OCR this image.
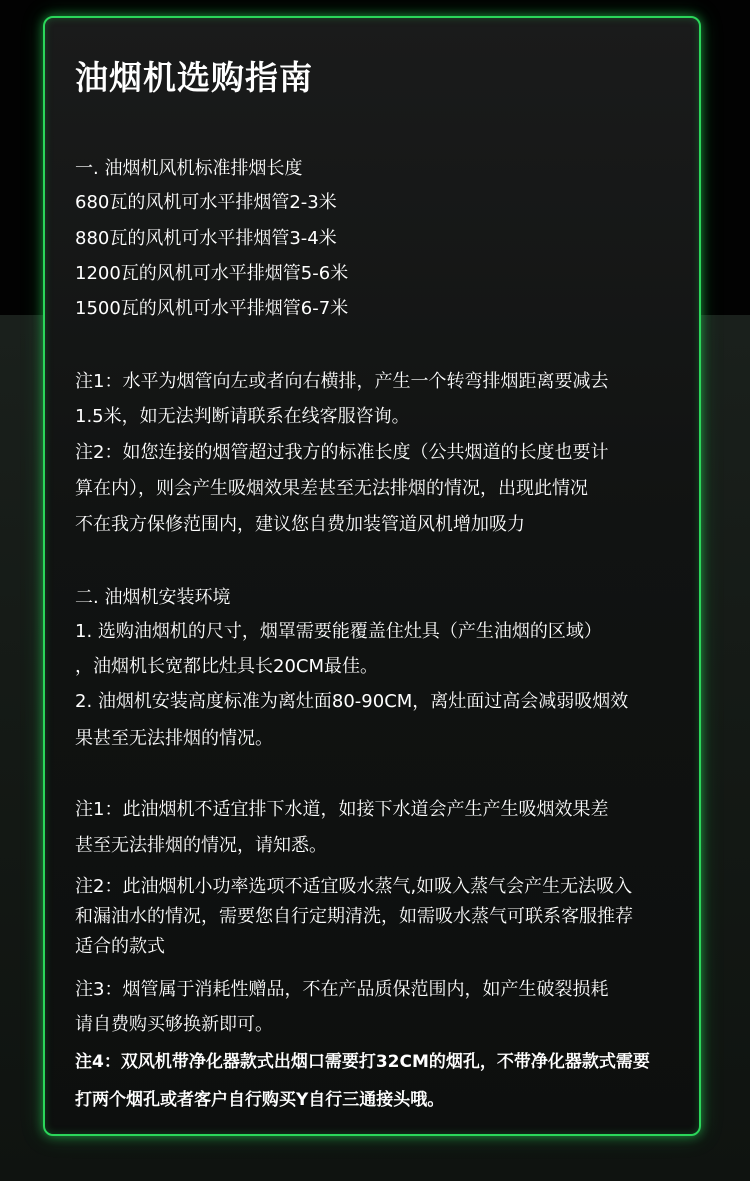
油烟机选购指南

一. 油烟机风机标准排烟长度

680瓦的风机可水平排烟管2-3米

880瓦的风机可水平排烟管3-4米

1200瓦的风机可水平排烟管5-6米

1500瓦的风机可水平排烟管6-7米

注1：水平为烟管向左或者向右横排，产生一个转弯排烟距离要减去

1.5米，如无法判断请联系在线客服咨询。

注2：如您连接的烟管超过我方的标准长度（公共烟道的长度也要计

算在内），则会产生吸烟效果差甚至无法排烟的情况，出现此情况

不在我方保修范围内，建议您自费加装管道风机增加吸力

二. 油烟机安装环境

1. 选购油烟机的尺寸，烟罩需要能覆盖住灶具（产生油烟的区域）

，油烟机长宽都比灶具长20CM最佳。

2. 油烟机安装高度标准为离灶面80-90CM，离灶面过高会减弱吸烟效

果甚至无法排烟的情况。

注1：此油烟机不适宜排下水道，如接下水道会产生产生吸烟效果差

甚至无法排烟的情况，请知悉。

注2：此油烟机小功率选项不适宜吸水蒸气,如吸入蒸气会产生无法吸入

和漏油水的情况，需要您自行定期清洗，如需吸水蒸气可联系客服推荐

适合的款式

注3：烟管属于消耗性赠品，不在产品质保范围内，如产生破裂损耗

请自费购买够换新即可。

注4：双风机带净化器款式出烟口需要打32CM的烟孔，不带净化器款式需要

打两个烟孔或者客户自行购买Y自行三通接头哦。
